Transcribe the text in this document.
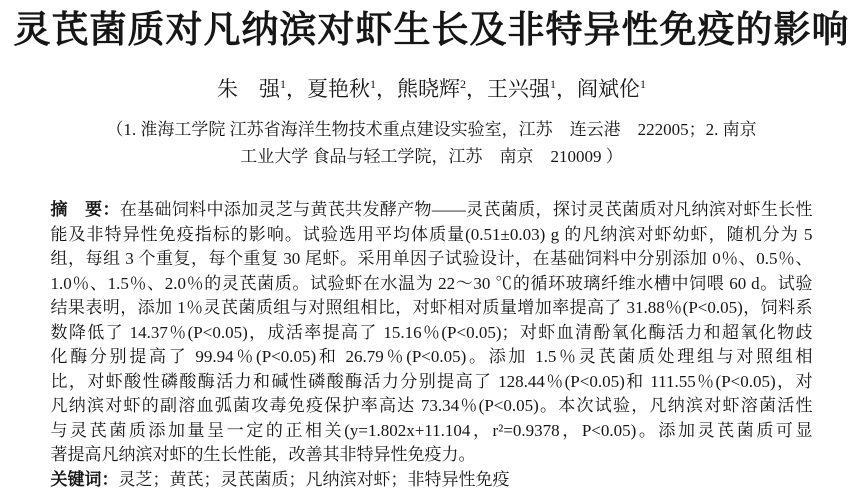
灵芪菌质对凡纳滨对虾生长及非特异性免疫的影响
朱　强$^1$，夏艳秋$^1$，熊晓辉$^2$，王兴强$^1$，阎斌伦$^1$
（1. 淮海工学院 江苏省海洋生物技术重点建设实验室，江苏　连云港　222005；2. 南京
工业大学 食品与轻工学院，江苏　南京　210009 ）
摘　要：在基础饲料中添加灵芝与黄芪共发酵产物——灵芪菌质，探讨灵芪菌质对凡纳滨对虾生长性
能及非特异性免疫指标的影响。试验选用平均体质量(0.51±0.03) g 的凡纳滨对虾幼虾，随机分为 5
组，每组 3 个重复，每个重复 30 尾虾。采用单因子试验设计，在基础饲料中分别添加 0％、0.5％、
1.0％、1.5％、2.0％的灵芪菌质。试验虾在水温为 22～30 ℃的循环玻璃纤维水槽中饲喂 60 d。试验
结果表明，添加 1％灵芪菌质组与对照组相比，对虾相对质量增加率提高了 31.88％(P<0.05)，饲料系
数降低了 14.37％(P<0.05)，成活率提高了 15.16％(P<0.05)；对虾血清酚氧化酶活力和超氧化物歧
化酶分别提高了 99.94％(P<0.05)和 26.79％(P<0.05)。添加 1.5％灵芪菌质处理组与对照组相
比，对虾酸性磷酸酶活力和碱性磷酸酶活力分别提高了 128.44％(P<0.05)和 111.55％(P<0.05)，对
凡纳滨对虾的副溶血弧菌攻毒免疫保护率高达 73.34％(P<0.05)。本次试验，凡纳滨对虾溶菌活性
与灵芪菌质添加量呈一定的正相关(y=1.802x+11.104，r²=0.9378，P<0.05)。添加灵芪菌质可显
著提高凡纳滨对虾的生长性能，改善其非特异性免疫力。
关键词：灵芝；黄芪；灵芪菌质；凡纳滨对虾；非特异性免疫
